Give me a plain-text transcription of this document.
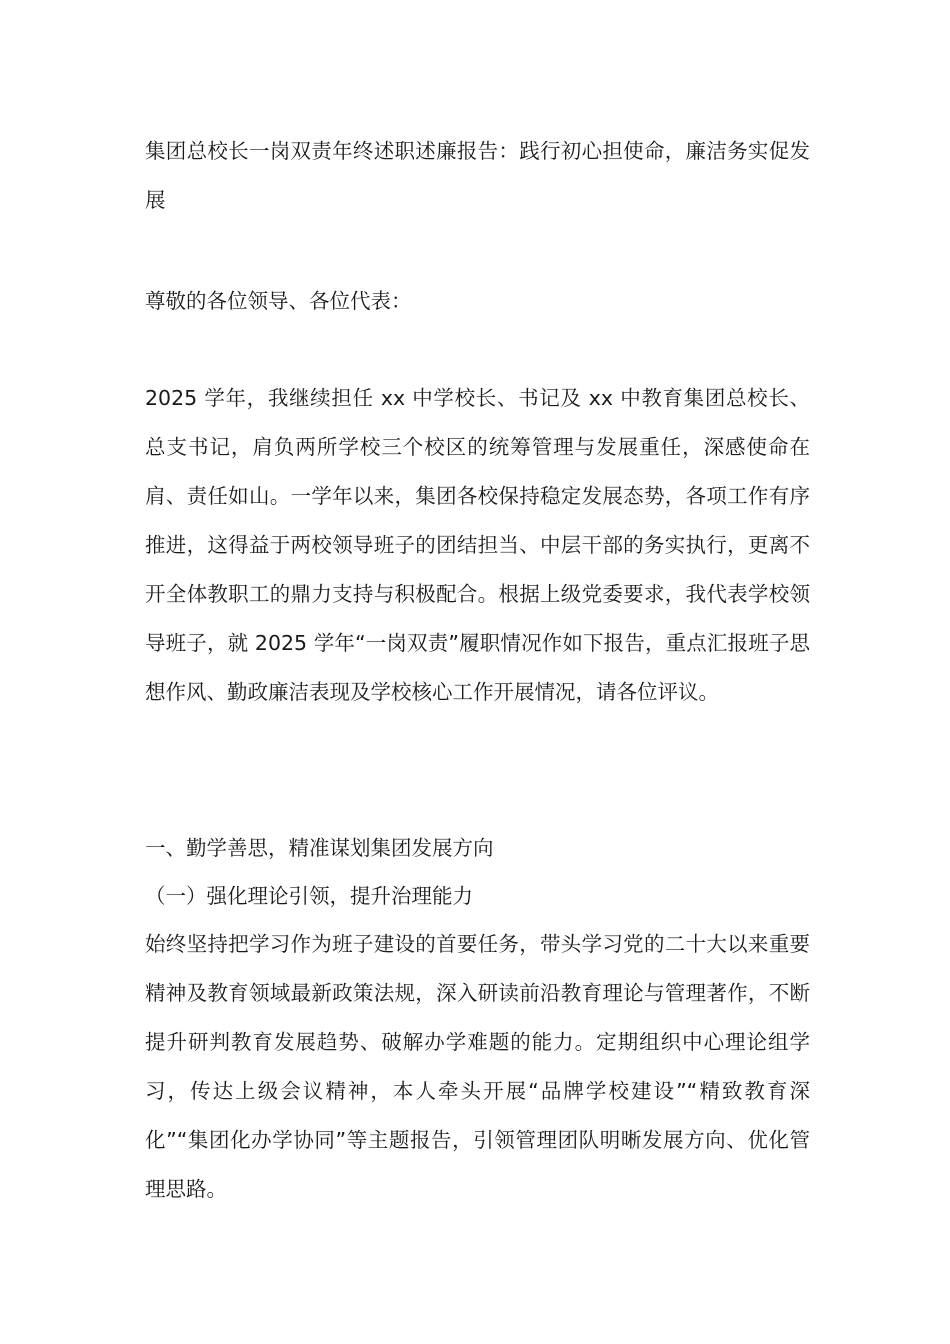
集团总校长一岗双责年终述职述廉报告：践行初心担使命，廉洁务实促发展

尊敬的各位领导、各位代表：

2025 学年，我继续担任 xx 中学校长、书记及 xx 中教育集团总校长、总支书记，肩负两所学校三个校区的统筹管理与发展重任，深感使命在肩、责任如山。一学年以来，集团各校保持稳定发展态势，各项工作有序推进，这得益于两校领导班子的团结担当、中层干部的务实执行，更离不开全体教职工的鼎力支持与积极配合。根据上级党委要求，我代表学校领导班子，就 2025 学年“一岗双责”履职情况作如下报告，重点汇报班子思想作风、勤政廉洁表现及学校核心工作开展情况，请各位评议。

一、勤学善思，精准谋划集团发展方向

（一）强化理论引领，提升治理能力

始终坚持把学习作为班子建设的首要任务，带头学习党的二十大以来重要精神及教育领域最新政策法规，深入研读前沿教育理论与管理著作，不断提升研判教育发展趋势、破解办学难题的能力。定期组织中心理论组学习，传达上级会议精神，本人牵头开展“品牌学校建设”“精致教育深化”“集团化办学协同”等主题报告，引领管理团队明晰发展方向、优化管理思路。
